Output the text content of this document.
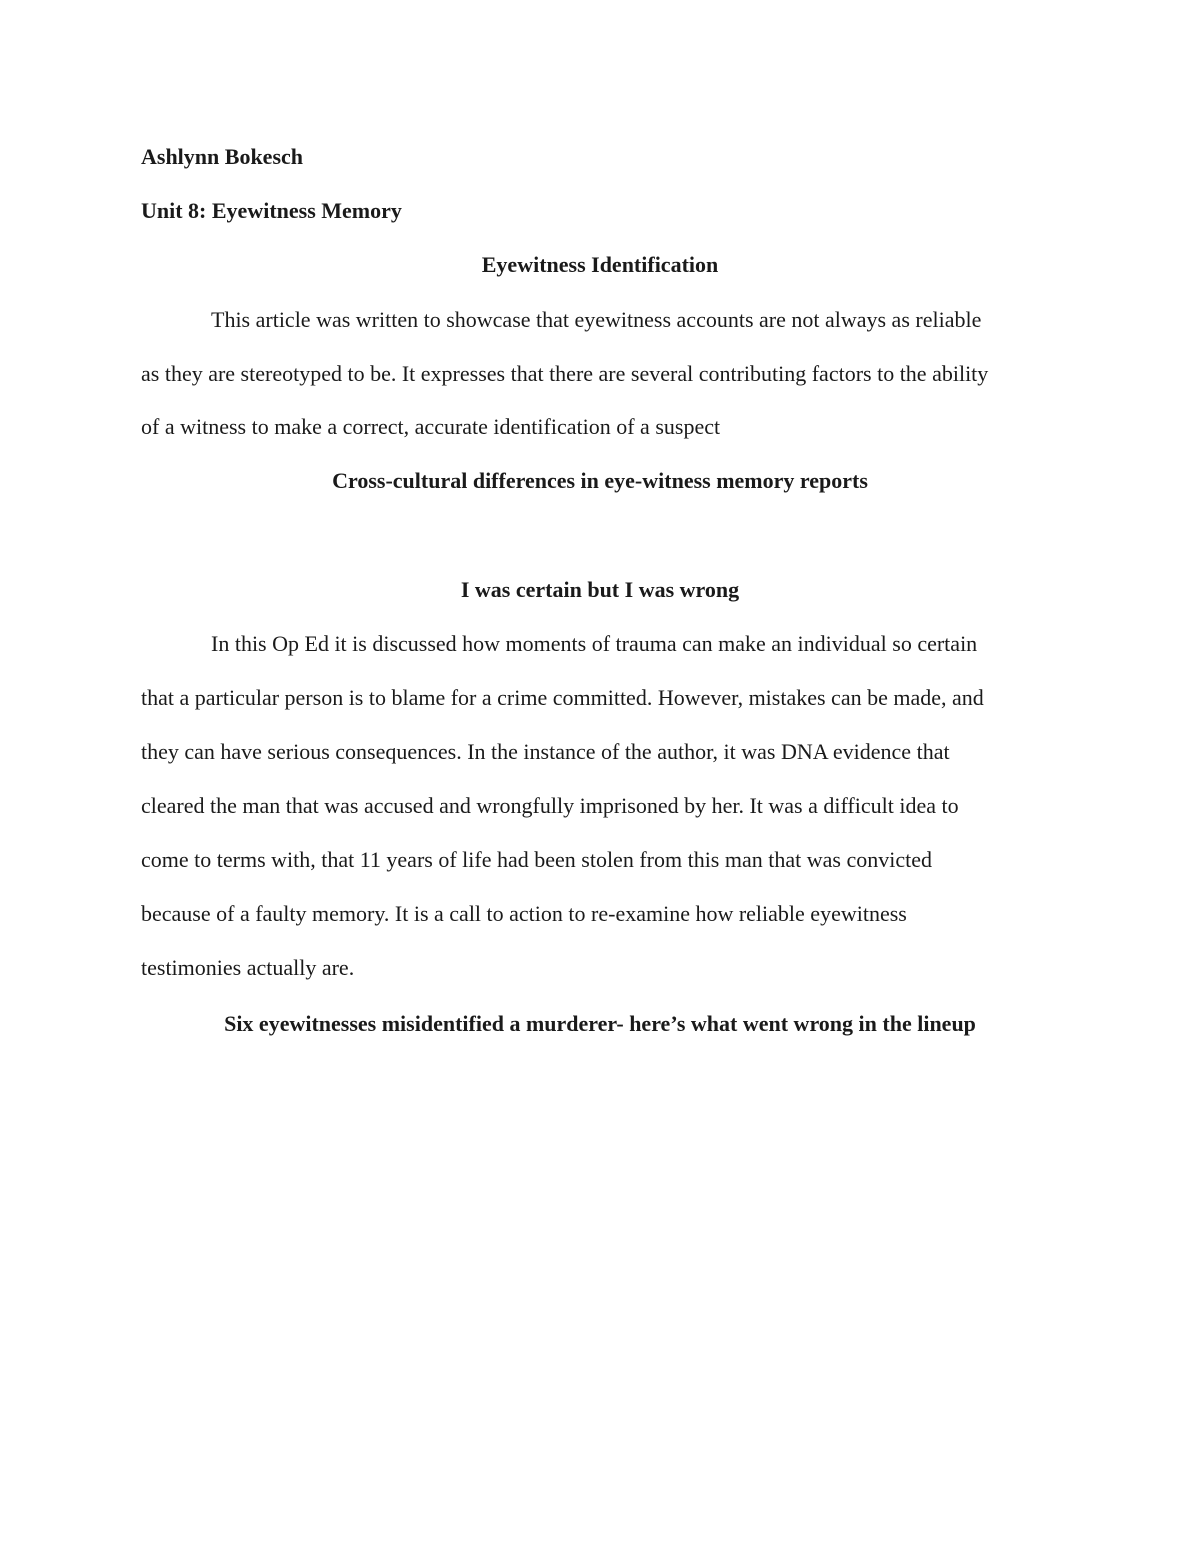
Ashlynn Bokesch

Unit 8: Eyewitness Memory

Eyewitness Identification

This article was written to showcase that eyewitness accounts are not always as reliable

as they are stereotyped to be. It expresses that there are several contributing factors to the ability

of a witness to make a correct, accurate identification of a suspect

Cross-cultural differences in eye-witness memory reports

I was certain but I was wrong

In this Op Ed it is discussed how moments of trauma can make an individual so certain

that a particular person is to blame for a crime committed. However, mistakes can be made, and

they can have serious consequences. In the instance of the author, it was DNA evidence that

cleared the man that was accused and wrongfully imprisoned by her. It was a difficult idea to

come to terms with, that 11 years of life had been stolen from this man that was convicted

because of a faulty memory. It is a call to action to re-examine how reliable eyewitness

testimonies actually are.

Six eyewitnesses misidentified a murderer- here’s what went wrong in the lineup
